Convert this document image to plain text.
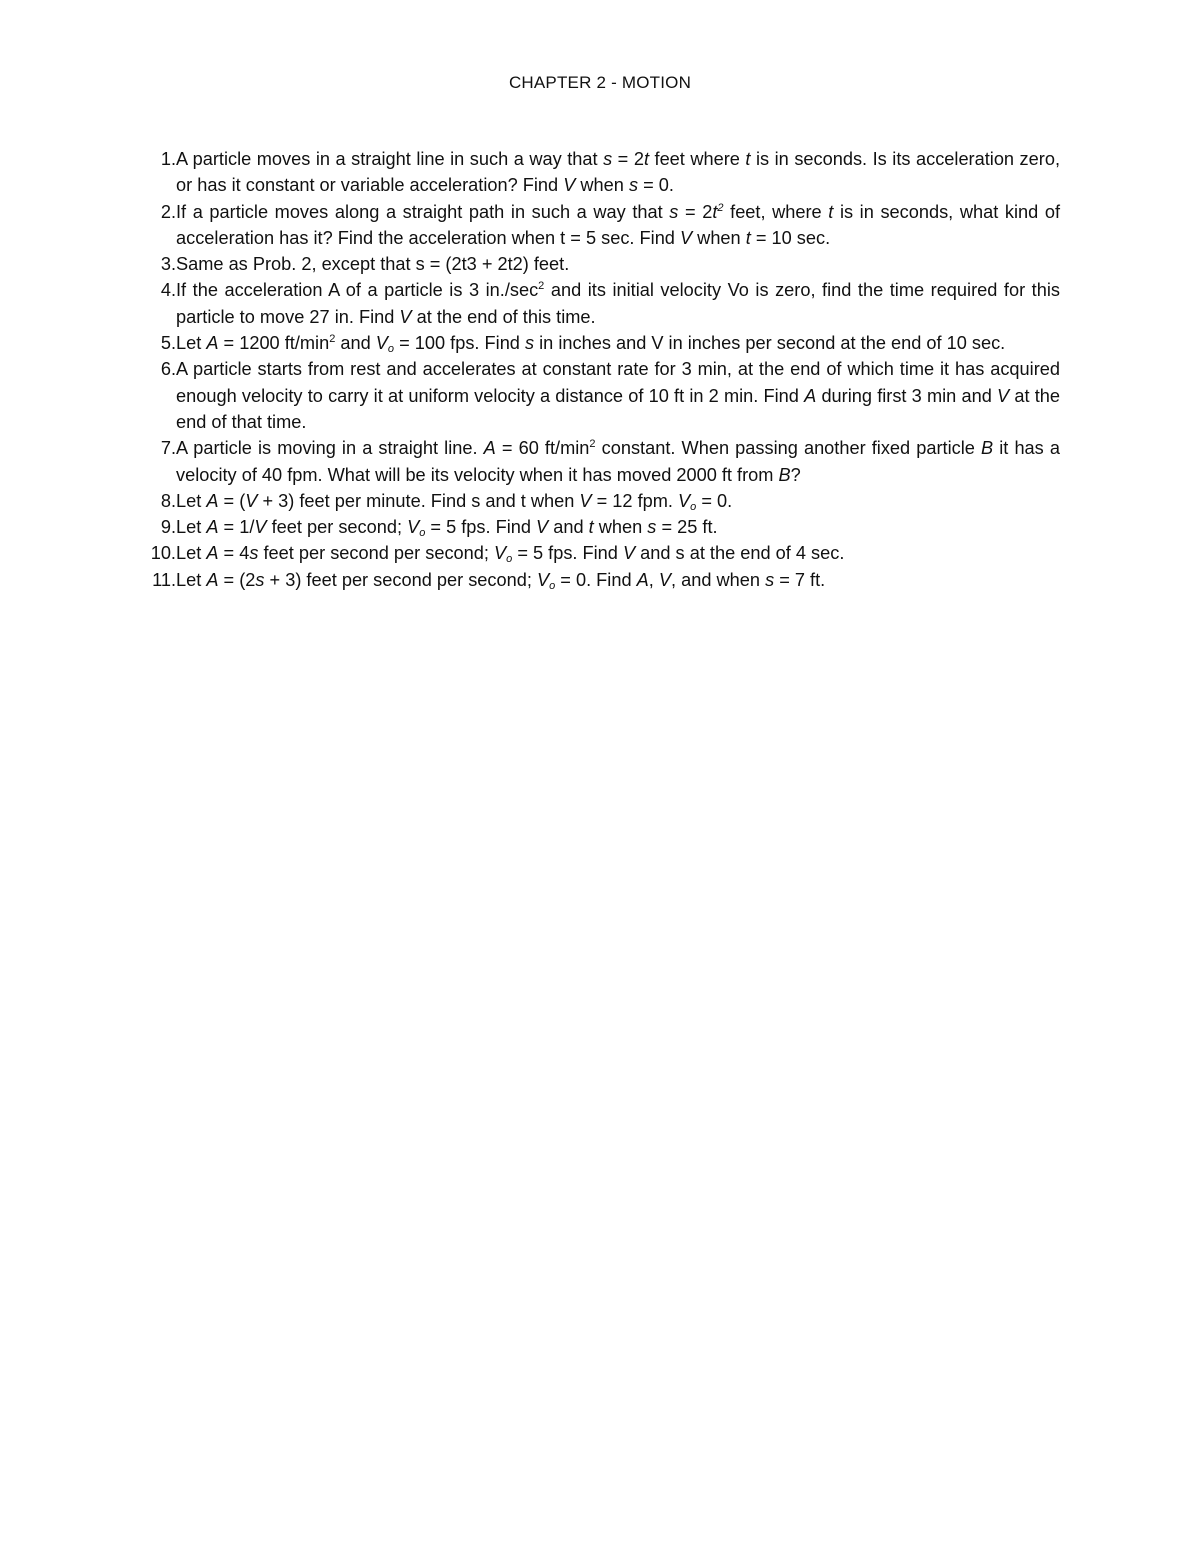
CHAPTER 2 - MOTION
1. A particle moves in a straight line in such a way that s = 2t feet where t is in seconds. Is its acceleration zero, or has it constant or variable acceleration? Find V when s = 0.
2. If a particle moves along a straight path in such a way that $s = 2t^2$ feet, where t is in seconds, what kind of acceleration has it? Find the acceleration when t = 5 sec. Find V when t = 10 sec.
3. Same as Prob. 2, except that s = (2t3 + 2t2) feet.
4. If the acceleration A of a particle is 3 $in./\sec^2$ and its initial velocity Vo is zero, find the time required for this particle to move 27 in. Find V at the end of this time.
5. Let A = 1200 $ft/\min^2$ and $V_o = 100$ fps. Find s in inches and V in inches per second at the end of 10 sec.
6. A particle starts from rest and accelerates at constant rate for 3 min, at the end of which time it has acquired enough velocity to carry it at uniform velocity a distance of 10 ft in 2 min. Find A during first 3 min and V at the end of that time.
7. A particle is moving in a straight line. A = 60 $ft/\min^2$ constant. When passing another fixed particle B it has a velocity of 40 fpm. What will be its velocity when it has moved 2000 ft from B?
8. Let A = (V + 3) feet per minute. Find s and t when V = 12 fpm. $V_o = 0$.
9. Let A = 1/V feet per second; $V_o = 5$ fps. Find V and t when s = 25 ft.
10. Let A = 4s feet per second per second; $V_o = 5$ fps. Find V and s at the end of 4 sec.
11. Let A = (2s + 3) feet per second per second; $V_o = 0$. Find A, V, and when s = 7 ft.
